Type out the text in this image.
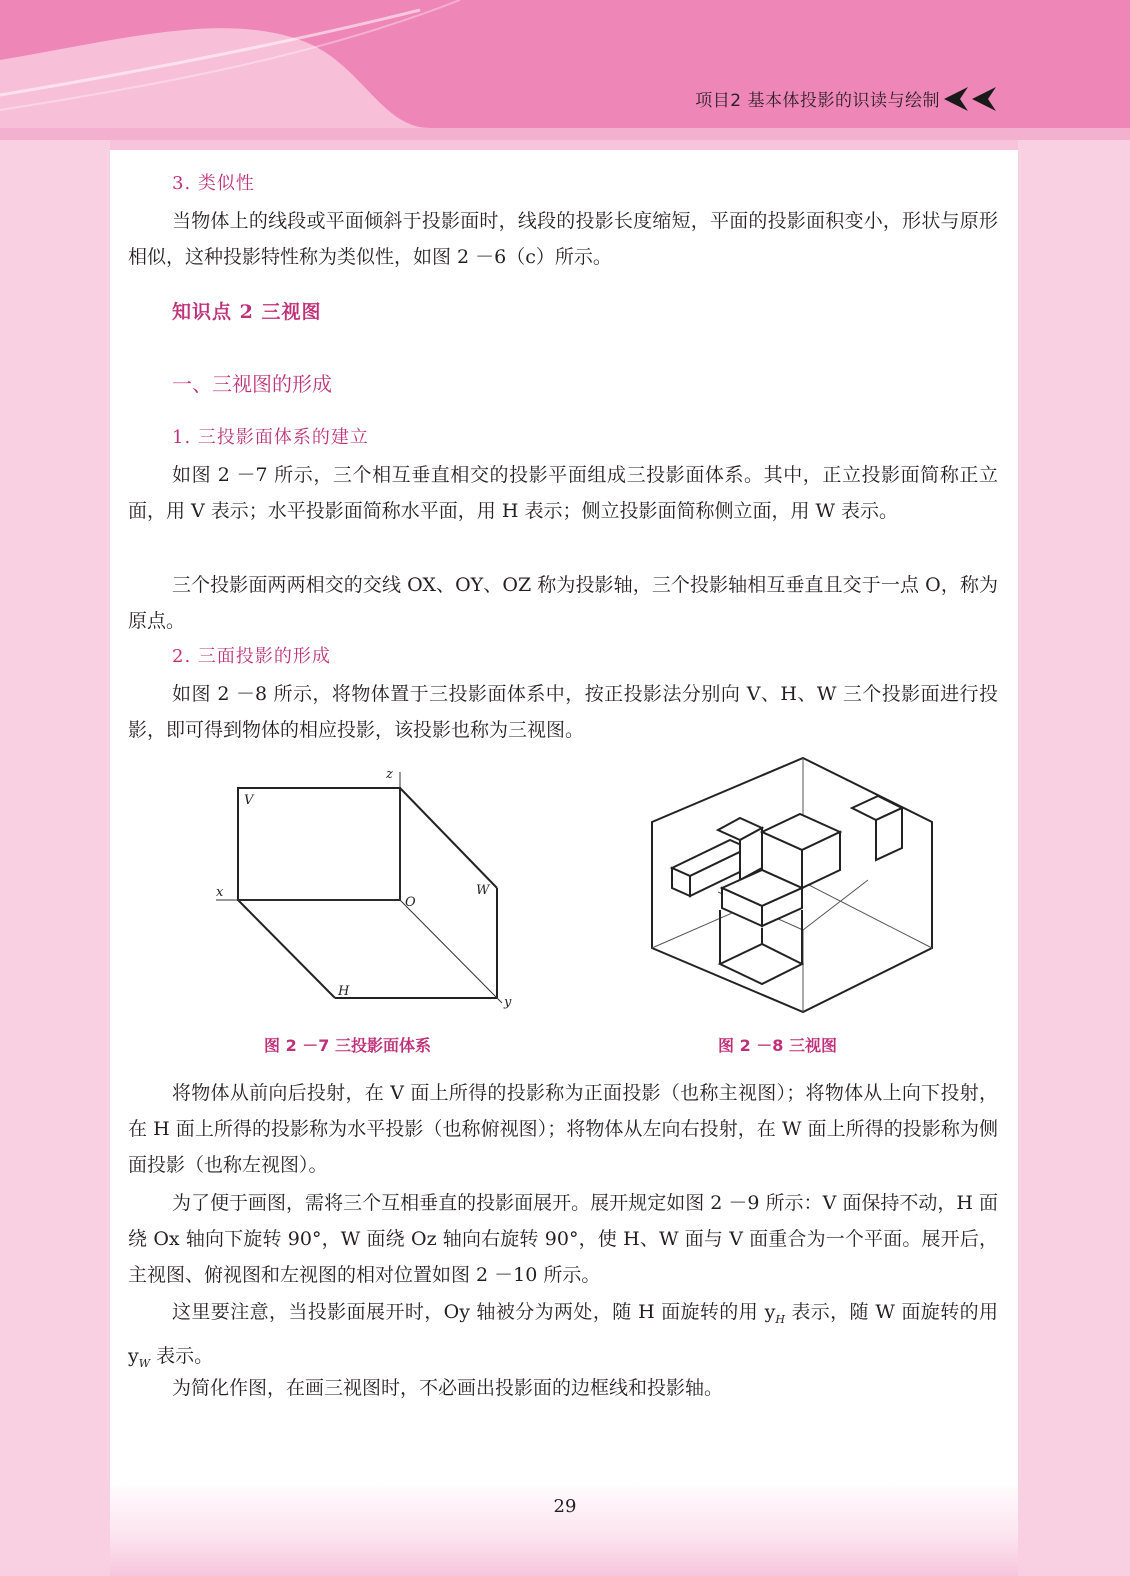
项目2 基本体投影的识读与绘制
3. 类似性

当物体上的线段或平面倾斜于投影面时，线段的投影长度缩短，平面的投影面积变小，形状与原形相似，这种投影特性称为类似性，如图 2 －6（c）所示。

知识点 2 三视图
一、三视图的形成
1. 三投影面体系的建立

如图 2 －7 所示，三个相互垂直相交的投影平面组成三投影面体系。其中，正立投影面简称正立面，用 V 表示；水平投影面简称水平面，用 H 表示；侧立投影面简称侧立面，用 W 表示。

三个投影面两两相交的交线 OX、OY、OZ 称为投影轴，三个投影轴相互垂直且交于一点 O，称为原点。

2. 三面投影的形成

如图 2 －8 所示，将物体置于三投影面体系中，按正投影法分别向 V、H、W 三个投影面进行投影，即可得到物体的相应投影，该投影也称为三视图。

z
V
x
O
W
H
y
图 2 －7 三投影面体系	图 2 －8 三视图

将物体从前向后投射，在 V 面上所得的投影称为正面投影（也称主视图）；将物体从上向下投射，在 H 面上所得的投影称为水平投影（也称俯视图）；将物体从左向右投射，在 W 面上所得的投影称为侧面投影（也称左视图）。

为了便于画图，需将三个互相垂直的投影面展开。展开规定如图 2 －9 所示：V 面保持不动，H 面绕 Ox 轴向下旋转 90°，W 面绕 Oz 轴向右旋转 90°，使 H、W 面与 V 面重合为一个平面。展开后，主视图、俯视图和左视图的相对位置如图 2 －10 所示。

这里要注意，当投影面展开时，Oy 轴被分为两处，随 H 面旋转的用 $y_H$ 表示，随 W 面旋转的用 $y_W$ 表示。

为简化作图，在画三视图时，不必画出投影面的边框线和投影轴。

29
